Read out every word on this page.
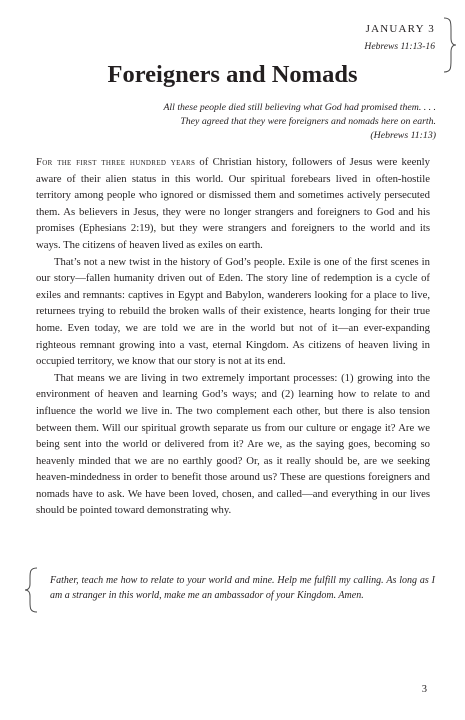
JANUARY 3
Hebrews 11:13-16
Foreigners and Nomads
All these people died still believing what God had promised them. . . .
They agreed that they were foreigners and nomads here on earth.
(Hebrews 11:13)

For the first three hundred years of Christian history, followers of Jesus were keenly aware of their alien status in this world. Our spiritual forebears lived in often-hostile territory among people who ignored or dismissed them and sometimes actively persecuted them. As believers in Jesus, they were no longer strangers and foreigners to God and his promises (Ephesians 2:19), but they were strangers and foreigners to the world and its ways. The citizens of heaven lived as exiles on earth.

That’s not a new twist in the history of God’s people. Exile is one of the first scenes in our story—fallen humanity driven out of Eden. The story line of redemption is a cycle of exiles and remnants: captives in Egypt and Babylon, wanderers looking for a place to live, returnees trying to rebuild the broken walls of their existence, hearts longing for their true home. Even today, we are told we are in the world but not of it—an ever-expanding righteous remnant growing into a vast, eternal Kingdom. As citizens of heaven living in occupied territory, we know that our story is not at its end.

That means we are living in two extremely important processes: (1) growing into the environment of heaven and learning God’s ways; and (2) learning how to relate to and influence the world we live in. The two complement each other, but there is also tension between them. Will our spiritual growth separate us from our culture or engage it? Are we being sent into the world or delivered from it? Are we, as the saying goes, becoming so heavenly minded that we are no earthly good? Or, as it really should be, are we seeking heaven-mindedness in order to benefit those around us? These are questions foreigners and nomads have to ask. We have been loved, chosen, and called—and everything in our lives should be pointed toward demonstrating why.

Father, teach me how to relate to your world and mine. Help me fulfill my calling. As long as I am a stranger in this world, make me an ambassador of your Kingdom. Amen.
3
